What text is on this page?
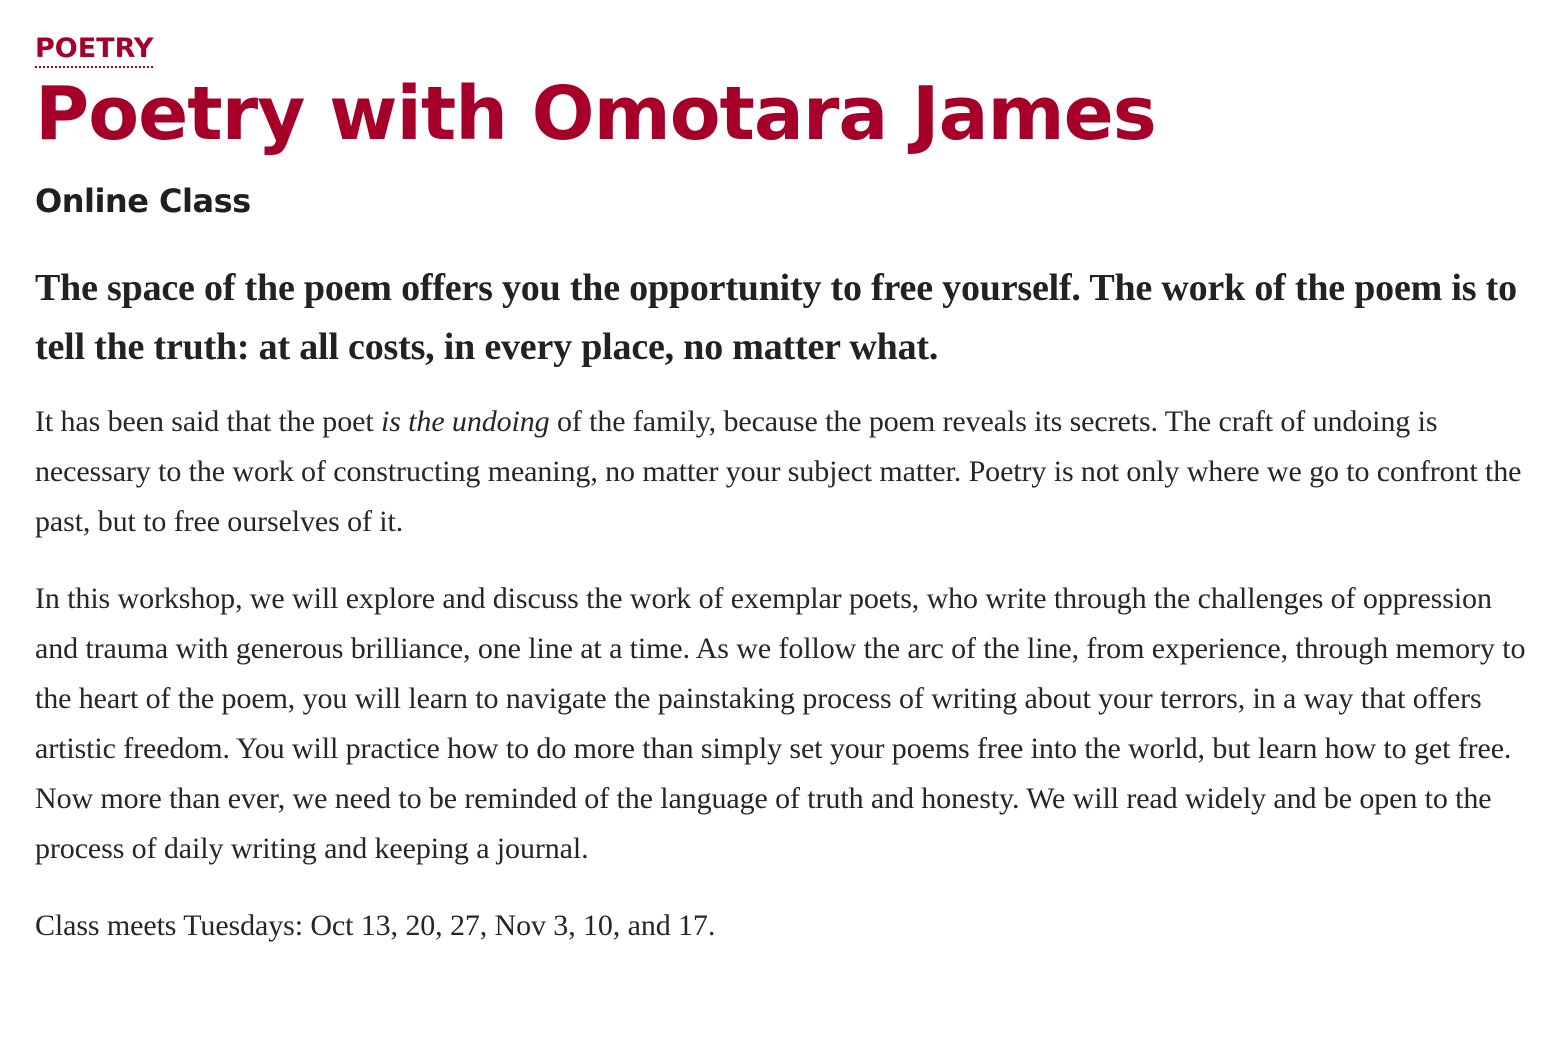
POETRY
Poetry with Omotara James
Online Class

The space of the poem offers you the opportunity to free yourself. The work of the poem is to tell the truth: at all costs, in every place, no matter what.

It has been said that the poet is the undoing of the family, because the poem reveals its secrets. The craft of undoing is necessary to the work of constructing meaning, no matter your subject matter. Poetry is not only where we go to confront the past, but to free ourselves of it.

In this workshop, we will explore and discuss the work of exemplar poets, who write through the challenges of oppression and trauma with generous brilliance, one line at a time. As we follow the arc of the line, from experience, through memory to the heart of the poem, you will learn to navigate the painstaking process of writing about your terrors, in a way that offers artistic freedom. You will practice how to do more than simply set your poems free into the world, but learn how to get free. Now more than ever, we need to be reminded of the language of truth and honesty. We will read widely and be open to the process of daily writing and keeping a journal.

Class meets Tuesdays: Oct 13, 20, 27, Nov 3, 10, and 17.
